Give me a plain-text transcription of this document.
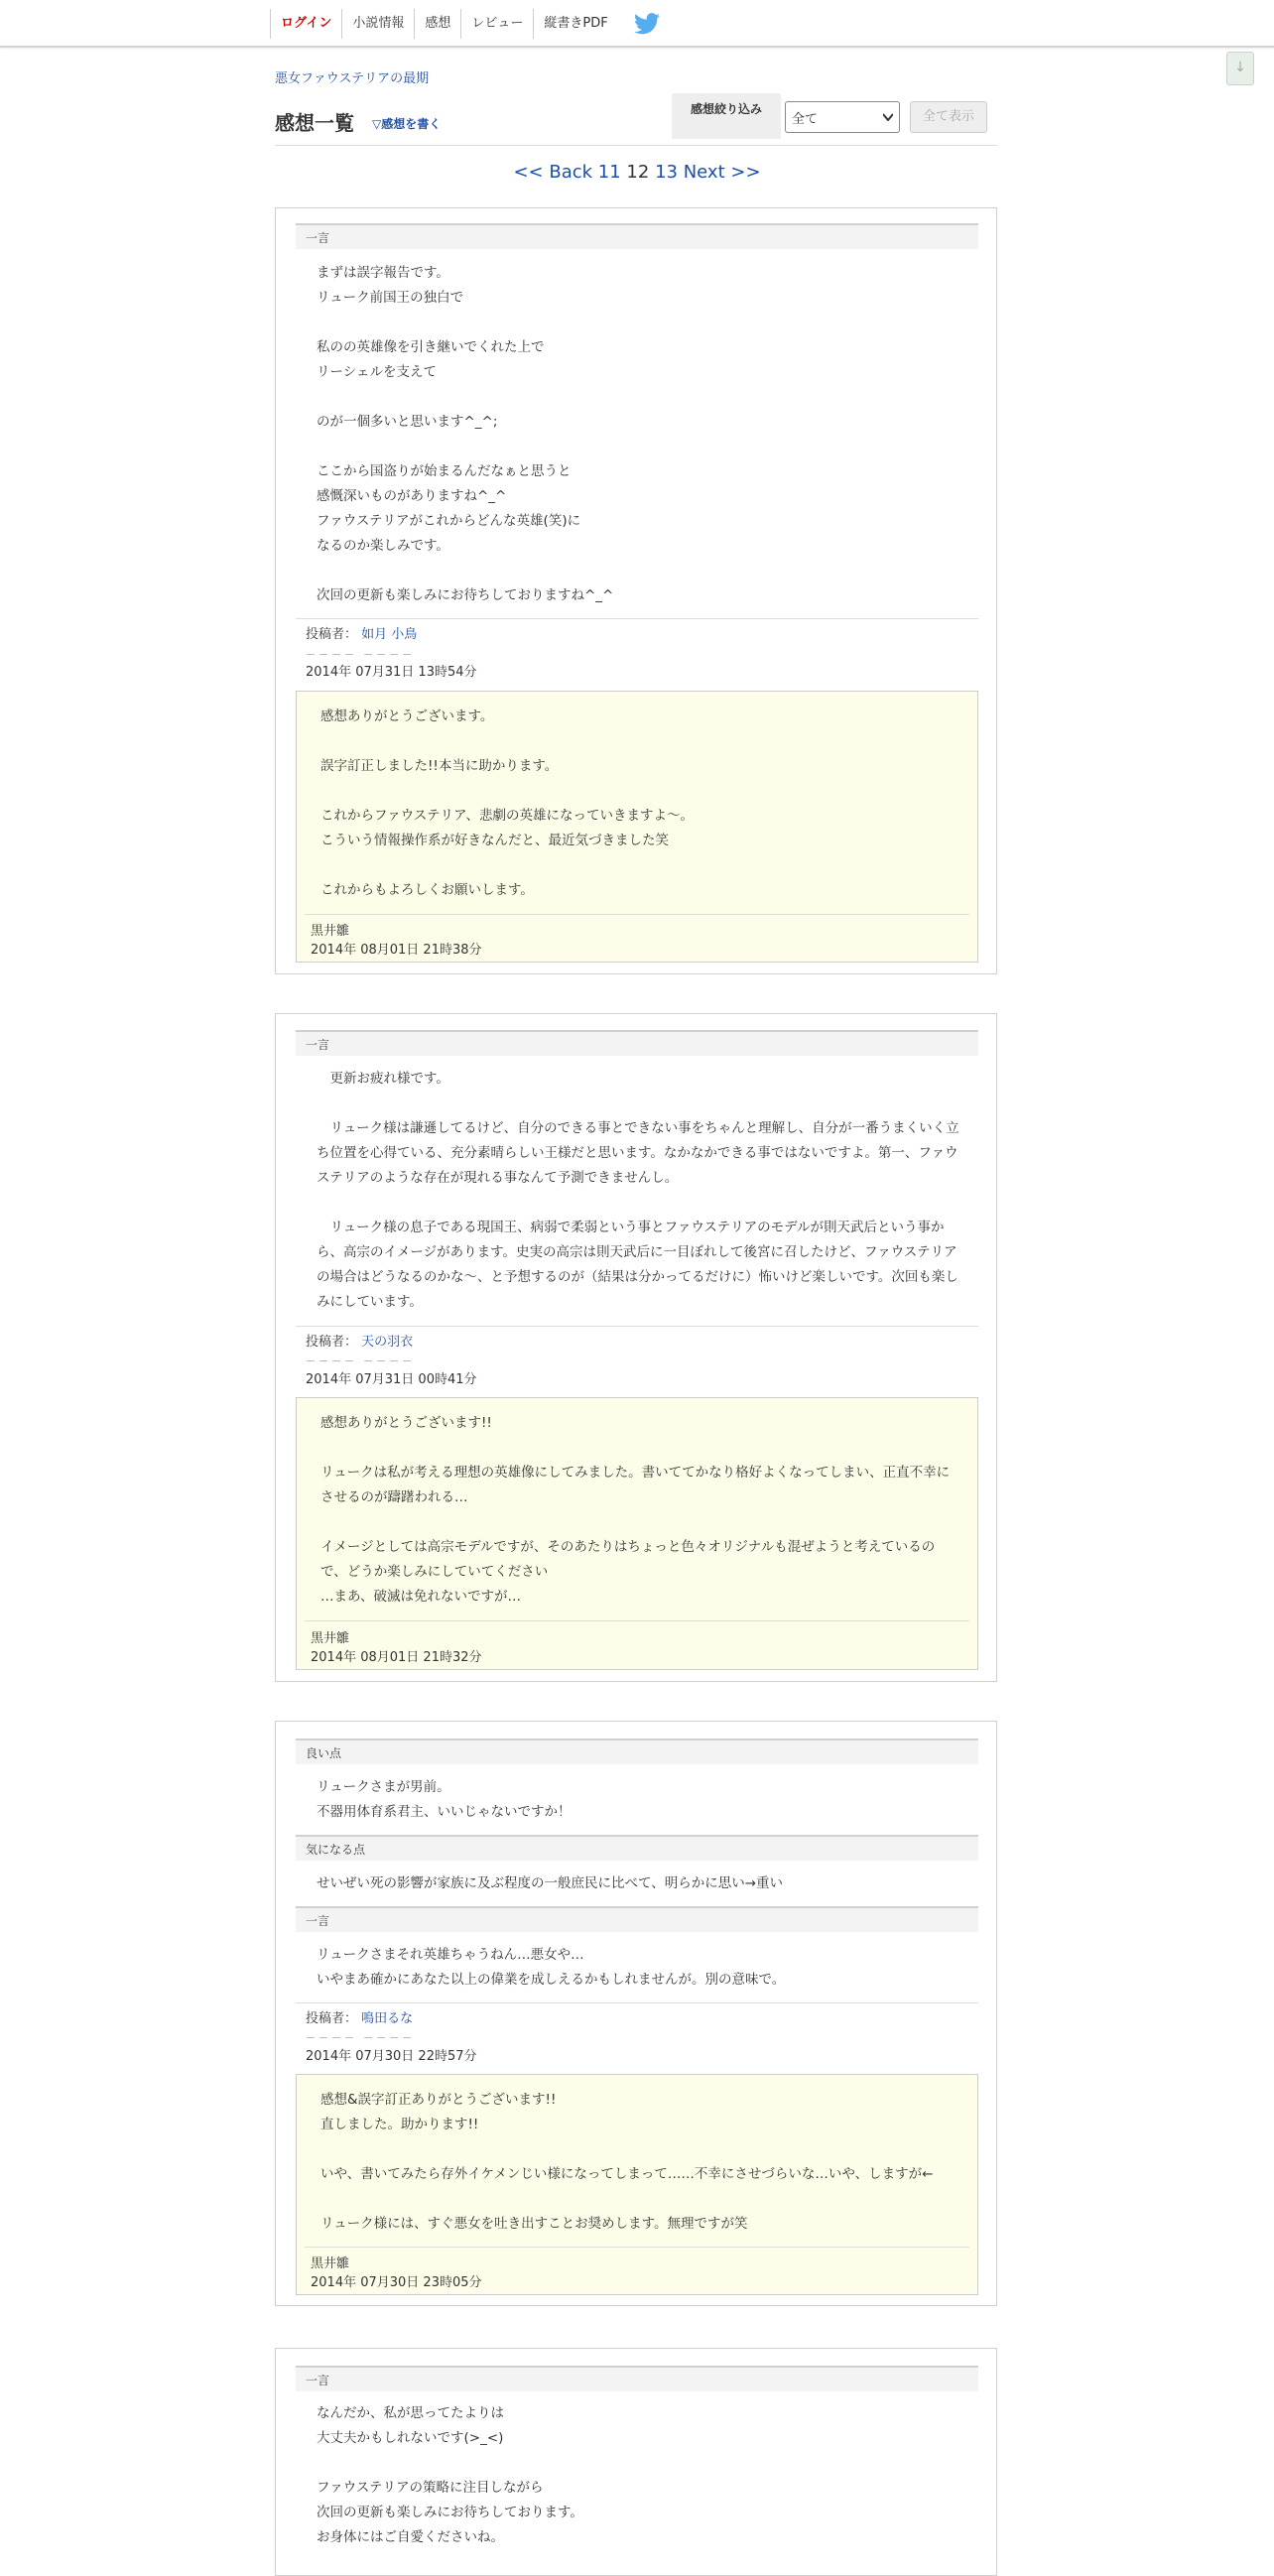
ログイン	小説情報	感想	レビュー	縦書きPDF
↓
悪女ファウステリアの最期
感想一覧 ▽感想を書く
感想絞り込み
全て	全て表示
<< Back 11 12 13 Next >>
一言
まずは誤字報告です。
リューク前国王の独白で

私のの英雄像を引き継いでくれた上で
リーシェルを支えて

のが一個多いと思います^_^;

ここから国盗りが始まるんだなぁと思うと
感慨深いものがありますね^_^
ファウステリアがこれからどんな英雄(笑)に
なるのか楽しみです。

次回の更新も楽しみにお待ちしておりますね^_^
投稿者： 如月 小鳥
－－－－ －－－－
2014年 07月31日 13時54分
感想ありがとうございます。

誤字訂正しました!!本当に助かります。

これからファウステリア、悲劇の英雄になっていきますよ～。
こういう情報操作系が好きなんだと、最近気づきました笑

これからもよろしくお願いします。
黒井雛
2014年 08月01日 21時38分
一言
　更新お疲れ様です。

　リューク様は謙遜してるけど、自分のできる事とできない事をちゃんと理解し、自分が一番うまくいく立ち位置を心得ている、充分素晴らしい王様だと思います。なかなかできる事ではないですよ。第一、ファウステリアのような存在が現れる事なんて予測できませんし。

　リューク様の息子である現国王、病弱で柔弱という事とファウステリアのモデルが則天武后という事から、高宗のイメージがあります。史実の高宗は則天武后に一目ぼれして後宮に召したけど、ファウステリアの場合はどうなるのかな～、と予想するのが（結果は分かってるだけに）怖いけど楽しいです。次回も楽しみにしています。
投稿者： 天の羽衣
－－－－ －－－－
2014年 07月31日 00時41分
感想ありがとうございます!!

リュークは私が考える理想の英雄像にしてみました。書いててかなり格好よくなってしまい、正直不幸にさせるのが躊躇われる…

イメージとしては高宗モデルですが、そのあたりはちょっと色々オリジナルも混ぜようと考えているので、どうか楽しみにしていてください
…まあ、破滅は免れないですが…
黒井雛
2014年 08月01日 21時32分
良い点
リュークさまが男前。
不器用体育系君主、いいじゃないですか！
気になる点
せいぜい死の影響が家族に及ぶ程度の一般庶民に比べて、明らかに思い→重い
一言
リュークさまそれ英雄ちゃうねん…悪女や…
いやまあ確かにあなた以上の偉業を成しえるかもしれませんが。別の意味で。
投稿者： 鳴田るな
－－－－ －－－－
2014年 07月30日 22時57分
感想&誤字訂正ありがとうございます!!
直しました。助かります!!

いや、書いてみたら存外イケメンじい様になってしまって……不幸にさせづらいな…いや、しますが←

リューク様には、すぐ悪女を吐き出すことお奨めします。無理ですが笑
黒井雛
2014年 07月30日 23時05分
一言
なんだか、私が思ってたよりは
大丈夫かもしれないです(>_<)

ファウステリアの策略に注目しながら
次回の更新も楽しみにお待ちしております。
お身体にはご自愛くださいね。
